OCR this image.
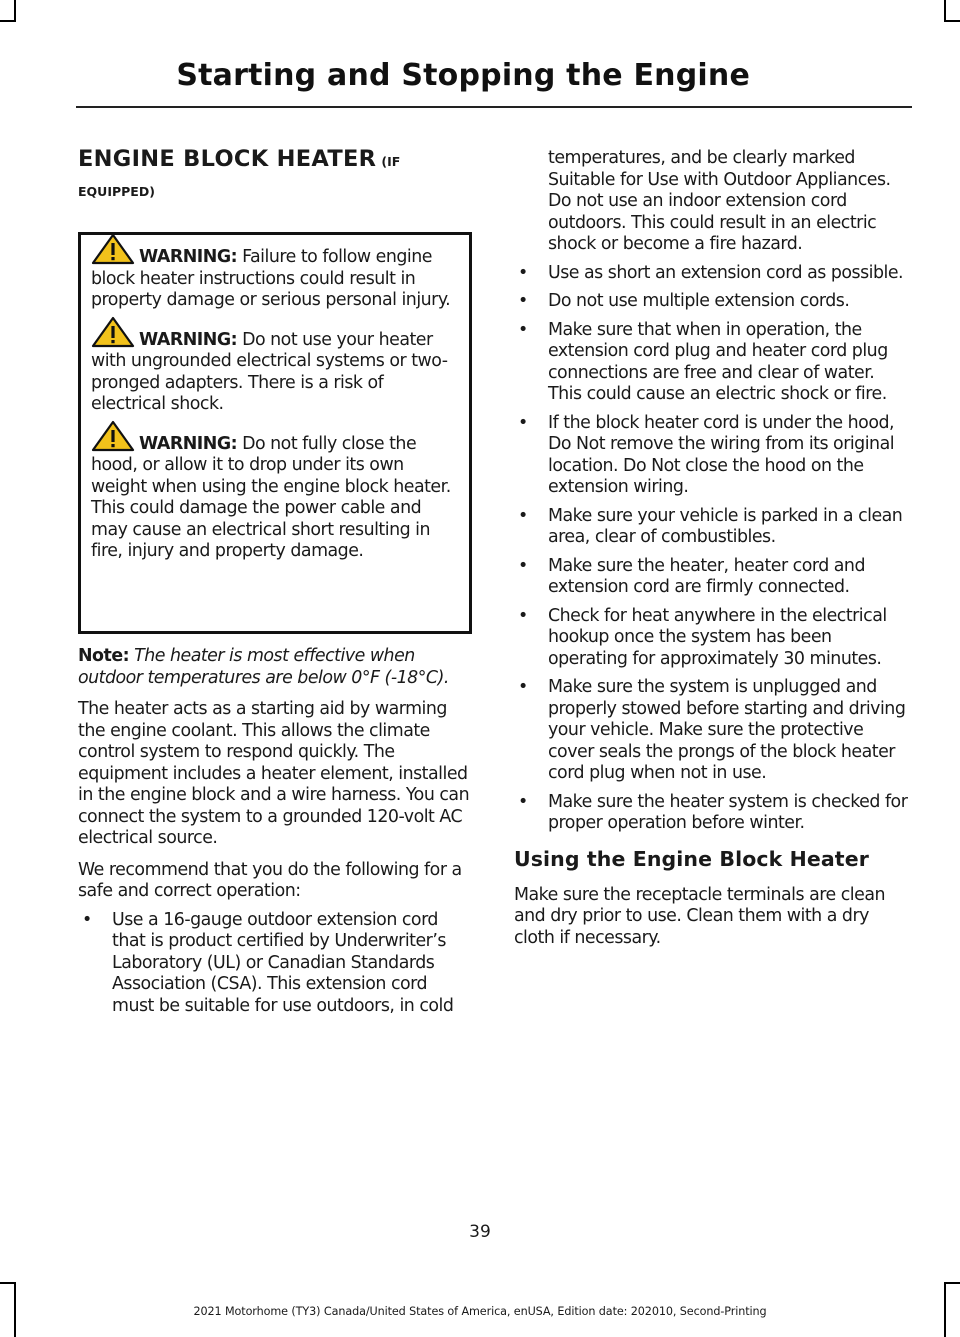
Starting and Stopping the Engine
ENGINE BLOCK HEATER (IF
EQUIPPED)
WARNING: Failure to follow engine block heater instructions could result in property damage or serious personal injury.
WARNING: Do not use your heater with ungrounded electrical systems or two-pronged adapters. There is a risk of electrical shock.
WARNING: Do not fully close the hood, or allow it to drop under its own weight when using the engine block heater. This could damage the power cable and may cause an electrical short resulting in fire, injury and property damage.

Note: The heater is most effective when outdoor temperatures are below 0°F (-18°C).

The heater acts as a starting aid by warming the engine coolant. This allows the climate control system to respond quickly. The equipment includes a heater element, installed in the engine block and a wire harness. You can connect the system to a grounded 120-volt AC electrical source.

We recommend that you do the following for a safe and correct operation:

• Use a 16-gauge outdoor extension cord that is product certified by Underwriter’s Laboratory (UL) or Canadian Standards Association (CSA). This extension cord must be suitable for use outdoors, in cold

temperatures, and be clearly marked Suitable for Use with Outdoor Appliances. Do not use an indoor extension cord outdoors. This could result in an electric shock or become a fire hazard.

• Use as short an extension cord as possible.
• Do not use multiple extension cords.
• Make sure that when in operation, the extension cord plug and heater cord plug connections are free and clear of water. This could cause an electric shock or fire.
• If the block heater cord is under the hood, Do Not remove the wiring from its original location. Do Not close the hood on the extension wiring.
• Make sure your vehicle is parked in a clean area, clear of combustibles.
• Make sure the heater, heater cord and extension cord are firmly connected.
• Check for heat anywhere in the electrical hookup once the system has been operating for approximately 30 minutes.
• Make sure the system is unplugged and properly stowed before starting and driving your vehicle. Make sure the protective cover seals the prongs of the block heater cord plug when not in use.
• Make sure the heater system is checked for proper operation before winter.
Using the Engine Block Heater

Make sure the receptacle terminals are clean and dry prior to use. Clean them with a dry cloth if necessary.

39
2021 Motorhome (TY3) Canada/United States of America, enUSA, Edition date: 202010, Second-Printing
